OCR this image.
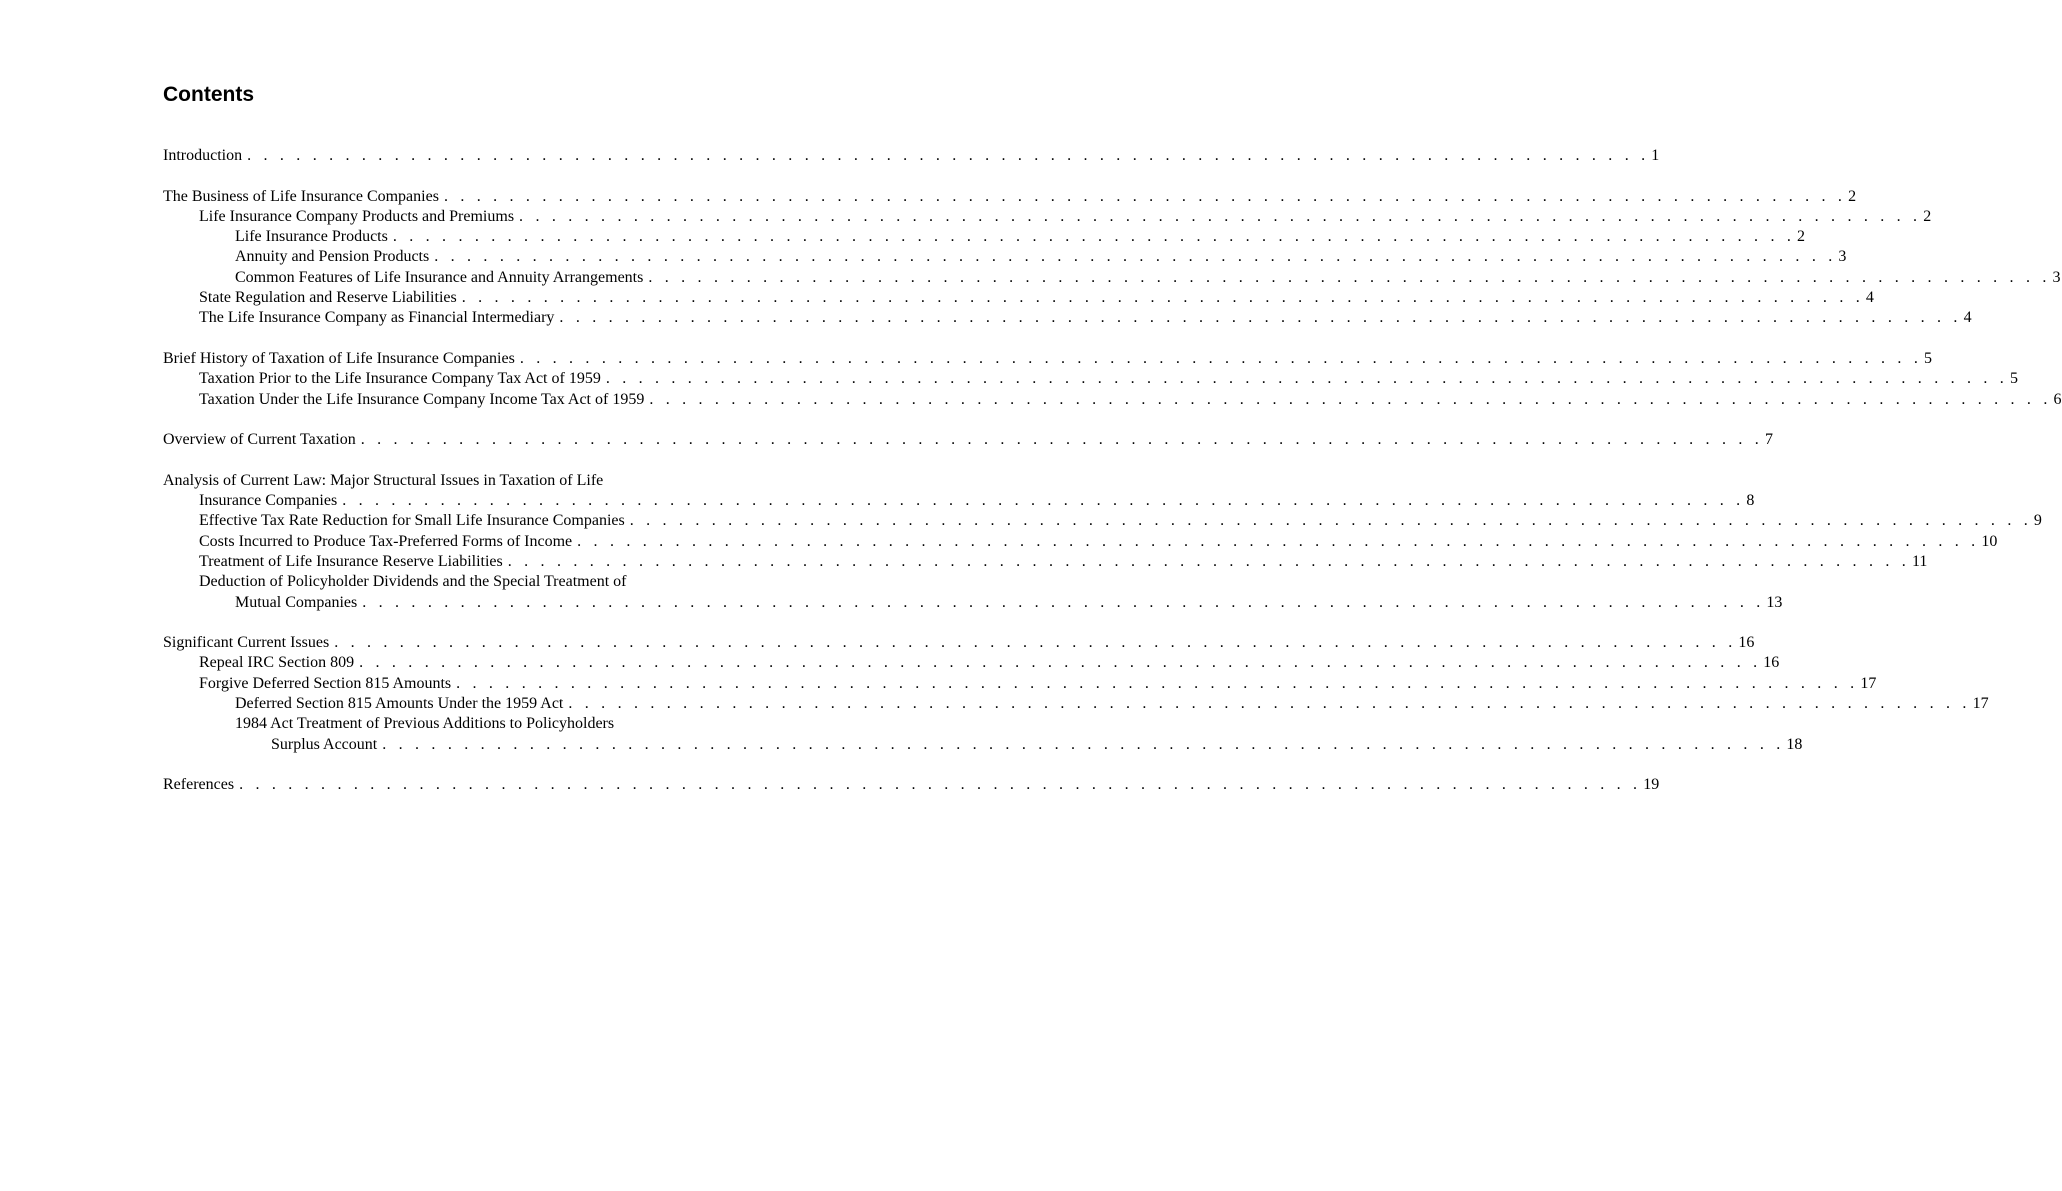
Contents
Introduction . . . . . . . . . . . . . . . . . . . . . . . . . . . . . . . . . . . . . . . . . . . . . . . . . . . . . . . . . . . . . . . . . . . . . . . . . . . . . . . . . . . . . . 1
The Business of Life Insurance Companies . . . . . . . . . . . . . . . . . . . . . . . . . . . . . . . . . . . . . . . . . . . . . . . . . . . . . . . . . . . . . . . . . . . . . . . . . . . . . . . . . . . . . . 2
Life Insurance Company Products and Premiums . . . . . . . . . . . . . . . . . . . . . . . . . . . . . . . . . . . . . . . . . . . . . . . . . . . . . . . . . . . . . . . . . . . . . . . . . . . . . . . . . . . . . . 2
Life Insurance Products . . . . . . . . . . . . . . . . . . . . . . . . . . . . . . . . . . . . . . . . . . . . . . . . . . . . . . . . . . . . . . . . . . . . . . . . . . . . . . . . . . . . . . 2
Annuity and Pension Products . . . . . . . . . . . . . . . . . . . . . . . . . . . . . . . . . . . . . . . . . . . . . . . . . . . . . . . . . . . . . . . . . . . . . . . . . . . . . . . . . . . . . . 3
Common Features of Life Insurance and Annuity Arrangements . . . . . . . . . . . . . . . . . . . . . . . . . . . . . . . . . . . . . . . . . . . . . . . . . . . . . . . . . . . . . . . . . . . . . . . . . . . . . . . . . . . . . . 3
State Regulation and Reserve Liabilities . . . . . . . . . . . . . . . . . . . . . . . . . . . . . . . . . . . . . . . . . . . . . . . . . . . . . . . . . . . . . . . . . . . . . . . . . . . . . . . . . . . . . . 4
The Life Insurance Company as Financial Intermediary . . . . . . . . . . . . . . . . . . . . . . . . . . . . . . . . . . . . . . . . . . . . . . . . . . . . . . . . . . . . . . . . . . . . . . . . . . . . . . . . . . . . . . 4
Brief History of Taxation of Life Insurance Companies . . . . . . . . . . . . . . . . . . . . . . . . . . . . . . . . . . . . . . . . . . . . . . . . . . . . . . . . . . . . . . . . . . . . . . . . . . . . . . . . . . . . . . 5
Taxation Prior to the Life Insurance Company Tax Act of 1959 . . . . . . . . . . . . . . . . . . . . . . . . . . . . . . . . . . . . . . . . . . . . . . . . . . . . . . . . . . . . . . . . . . . . . . . . . . . . . . . . . . . . . . 5
Taxation Under the Life Insurance Company Income Tax Act of 1959 . . . . . . . . . . . . . . . . . . . . . . . . . . . . . . . . . . . . . . . . . . . . . . . . . . . . . . . . . . . . . . . . . . . . . . . . . . . . . . . . . . . . . . 6
Overview of Current Taxation . . . . . . . . . . . . . . . . . . . . . . . . . . . . . . . . . . . . . . . . . . . . . . . . . . . . . . . . . . . . . . . . . . . . . . . . . . . . . . . . . . . . . . 7
Analysis of Current Law: Major Structural Issues in Taxation of Life
Insurance Companies . . . . . . . . . . . . . . . . . . . . . . . . . . . . . . . . . . . . . . . . . . . . . . . . . . . . . . . . . . . . . . . . . . . . . . . . . . . . . . . . . . . . . . 8
Effective Tax Rate Reduction for Small Life Insurance Companies . . . . . . . . . . . . . . . . . . . . . . . . . . . . . . . . . . . . . . . . . . . . . . . . . . . . . . . . . . . . . . . . . . . . . . . . . . . . . . . . . . . . . . 9
Costs Incurred to Produce Tax-Preferred Forms of Income . . . . . . . . . . . . . . . . . . . . . . . . . . . . . . . . . . . . . . . . . . . . . . . . . . . . . . . . . . . . . . . . . . . . . . . . . . . . . . . . . . . . . . 10
Treatment of Life Insurance Reserve Liabilities . . . . . . . . . . . . . . . . . . . . . . . . . . . . . . . . . . . . . . . . . . . . . . . . . . . . . . . . . . . . . . . . . . . . . . . . . . . . . . . . . . . . . . 11
Deduction of Policyholder Dividends and the Special Treatment of
Mutual Companies . . . . . . . . . . . . . . . . . . . . . . . . . . . . . . . . . . . . . . . . . . . . . . . . . . . . . . . . . . . . . . . . . . . . . . . . . . . . . . . . . . . . . . 13
Significant Current Issues . . . . . . . . . . . . . . . . . . . . . . . . . . . . . . . . . . . . . . . . . . . . . . . . . . . . . . . . . . . . . . . . . . . . . . . . . . . . . . . . . . . . . . 16
Repeal IRC Section 809 . . . . . . . . . . . . . . . . . . . . . . . . . . . . . . . . . . . . . . . . . . . . . . . . . . . . . . . . . . . . . . . . . . . . . . . . . . . . . . . . . . . . . . 16
Forgive Deferred Section 815 Amounts . . . . . . . . . . . . . . . . . . . . . . . . . . . . . . . . . . . . . . . . . . . . . . . . . . . . . . . . . . . . . . . . . . . . . . . . . . . . . . . . . . . . . . 17
Deferred Section 815 Amounts Under the 1959 Act . . . . . . . . . . . . . . . . . . . . . . . . . . . . . . . . . . . . . . . . . . . . . . . . . . . . . . . . . . . . . . . . . . . . . . . . . . . . . . . . . . . . . . 17
1984 Act Treatment of Previous Additions to Policyholders
Surplus Account . . . . . . . . . . . . . . . . . . . . . . . . . . . . . . . . . . . . . . . . . . . . . . . . . . . . . . . . . . . . . . . . . . . . . . . . . . . . . . . . . . . . . . 18
References . . . . . . . . . . . . . . . . . . . . . . . . . . . . . . . . . . . . . . . . . . . . . . . . . . . . . . . . . . . . . . . . . . . . . . . . . . . . . . . . . . . . . . 19
